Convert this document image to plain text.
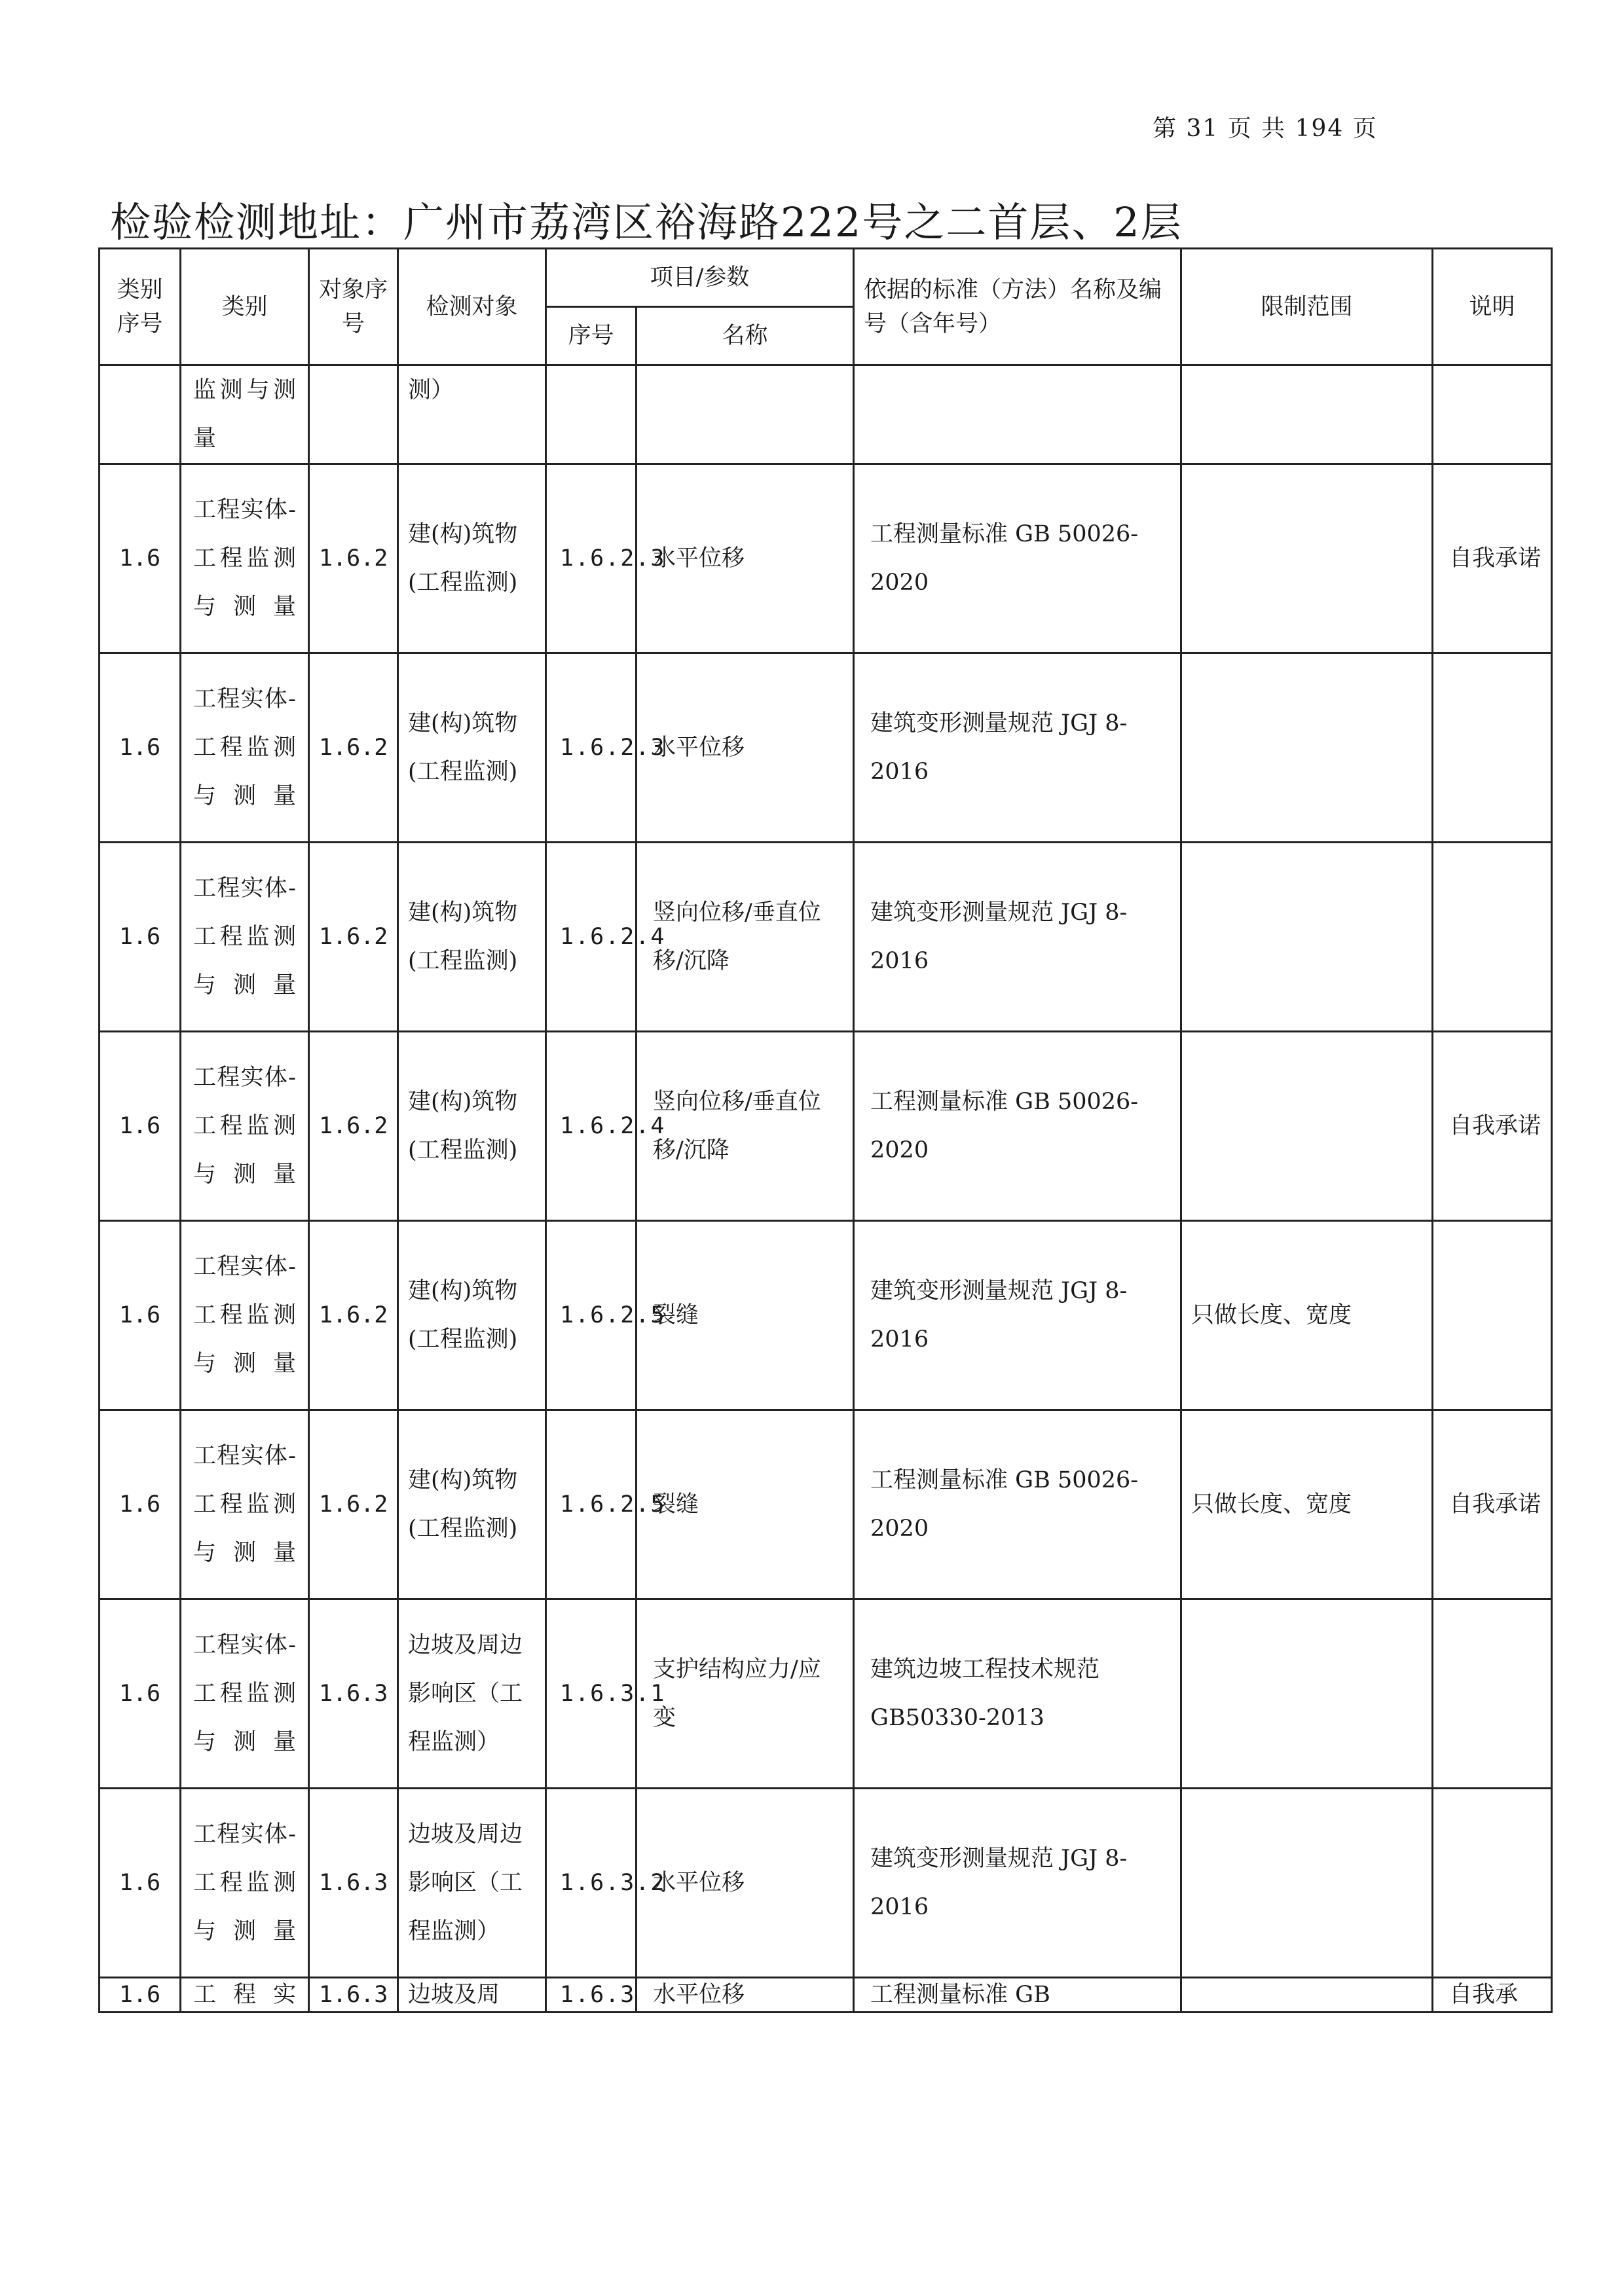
第 31 页 共 194 页
检验检测地址：广州市荔湾区裕海路222号之二首层、2层
类别序号	类别	对象序号	检测对象	项目/参数		依据的标准（方法）名称及编号（含年号）	限制范围	说明
				序号	名称			
	监测与测量		测）					
1.6	工程实体-工程监测与测量	1.6.2	建(构)筑物(工程监测)	1.6.2.3	水平位移	工程测量标准 GB 50026-2020		自我承诺
1.6	工程实体-工程监测与测量	1.6.2	建(构)筑物(工程监测)	1.6.2.3	水平位移	建筑变形测量规范 JGJ 8-2016		
1.6	工程实体-工程监测与测量	1.6.2	建(构)筑物(工程监测)	1.6.2.4	竖向位移/垂直位移/沉降	建筑变形测量规范 JGJ 8-2016		
1.6	工程实体-工程监测与测量	1.6.2	建(构)筑物(工程监测)	1.6.2.4	竖向位移/垂直位移/沉降	工程测量标准 GB 50026-2020		自我承诺
1.6	工程实体-工程监测与测量	1.6.2	建(构)筑物(工程监测)	1.6.2.5	裂缝	建筑变形测量规范 JGJ 8-2016	只做长度、宽度	
1.6	工程实体-工程监测与测量	1.6.2	建(构)筑物(工程监测)	1.6.2.5	裂缝	工程测量标准 GB 50026-2020	只做长度、宽度	自我承诺
1.6	工程实体-工程监测与测量	1.6.3	边坡及周边影响区（工程监测）	1.6.3.1	支护结构应力/应变	建筑边坡工程技术规范 GB50330-2013		
1.6	工程实体-工程监测与测量	1.6.3	边坡及周边影响区（工程监测）	1.6.3.2	水平位移	建筑变形测量规范 JGJ 8-2016		
1.6	工程实	1.6.3	边坡及周	1.6.3	水平位移	工程测量标准 GB		自我承
